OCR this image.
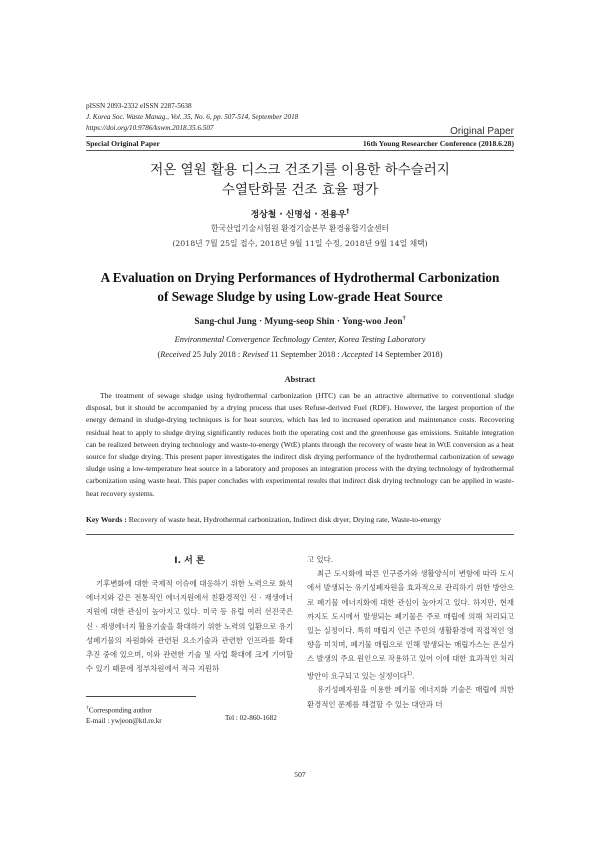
pISSN 2093-2332 eISSN 2287-5638
J. Korea Soc. Waste Manag., Vol. 35, No. 6, pp. 507-514, September 2018
https://doi.org/10.9786/kswm.2018.35.6.507	Original Paper
Special Original Paper	16th Young Researcher Conference (2018.6.28)
저온 열원 활용 디스크 건조기를 이용한 하수슬러지
수열탄화물 건조 효율 평가
정상철 · 신명섭 · 전용우†
한국산업기술시험원 환경기술본부 환경융합기술센터
(2018년 7월 25일 접수, 2018년 9월 11일 수정, 2018년 9월 14일 채택)
A Evaluation on Drying Performances of Hydrothermal Carbonization
of Sewage Sludge by using Low-grade Heat Source
Sang-chul Jung · Myung-seop Shin · Yong-woo Jeon†
Environmental Convergence Technology Center, Korea Testing Laboratory
(Received 25 July 2018 : Revised 11 September 2018 : Accepted 14 September 2018)
Abstract
The treatment of sewage sludge using hydrothermal carbonization (HTC) can be an attractive alternative to conventional sludge disposal, but it should be accompanied by a drying process that uses Refuse-derived Fuel (RDF). However, the largest proportion of the energy demand in sludge-drying techniques is for heat sources, which has led to increased operation and maintenance costs. Recovering residual heat to apply to sludge drying significantly reduces both the operating cost and the greenhouse gas emissions. Suitable integration can be realized between drying technology and waste-to-energy (WtE) plants through the recovery of waste heat in WtE conversion as a heat source for sludge drying. This present paper investigates the indirect disk drying performance of the hydrothermal carbonization of sewage sludge using a low-temperature heat source in a laboratory and proposes an integration process with the drying technology of hydrothermal carbonization using waste heat. This paper concludes with experimental results that indirect disk drying technology can be applied in waste-heat recovery systems.
Key Words : Recovery of waste heat, Hydrothermal carbonization, Indirect disk dryer, Drying rate, Waste-to-energy
I. 서 론

기후변화에 대한 국제적 이슈에 대응하기 위한 노력으로 화석에너지와 같은 전통적인 에너지원에서 친환경적인 신 · 재생에너지원에 대한 관심이 높아지고 있다. 미국 등 유럽 여러 선진국은 신 · 재생에너지 활용기술을 확대하기 위한 노력의 일환으로 유기성폐기물의 자원화와 관련된 요소기술과 관련한 인프라를 확대 추진 중에 있으며, 이와 관련한 기술 및 사업 확대에 크게 기여할 수 있기 때문에 정부차원에서 적극 지원하

고 있다.

최근 도시화에 따른 인구증가와 생활양식이 변함에 따라 도시에서 발생되는 유기성폐자원을 효과적으로 관리하기 위한 방안으로 폐기물 에너지화에 대한 관심이 높아지고 있다. 하지만, 현재까지도 도시에서 발생되는 폐기물은 주로 매립에 의해 처리되고 있는 실정이다. 특히 매립지 인근 주민의 생활환경에 직접적인 영향을 미치며, 폐기물 매립으로 인해 발생되는 매립가스는 온실가스 발생의 주요 원인으로 작용하고 있어 이에 대한 효과적인 처리방안이 요구되고 있는 실정이다$^{1)}$.

유기성폐자원을 이용한 폐기물 에너지화 기술은 매립에 의한 환경적인 문제를 해결할 수 있는 대안과 더

†Corresponding author
E-mail : ywjeon@ktl.re.kr	Tel : 02-860-1682
507
